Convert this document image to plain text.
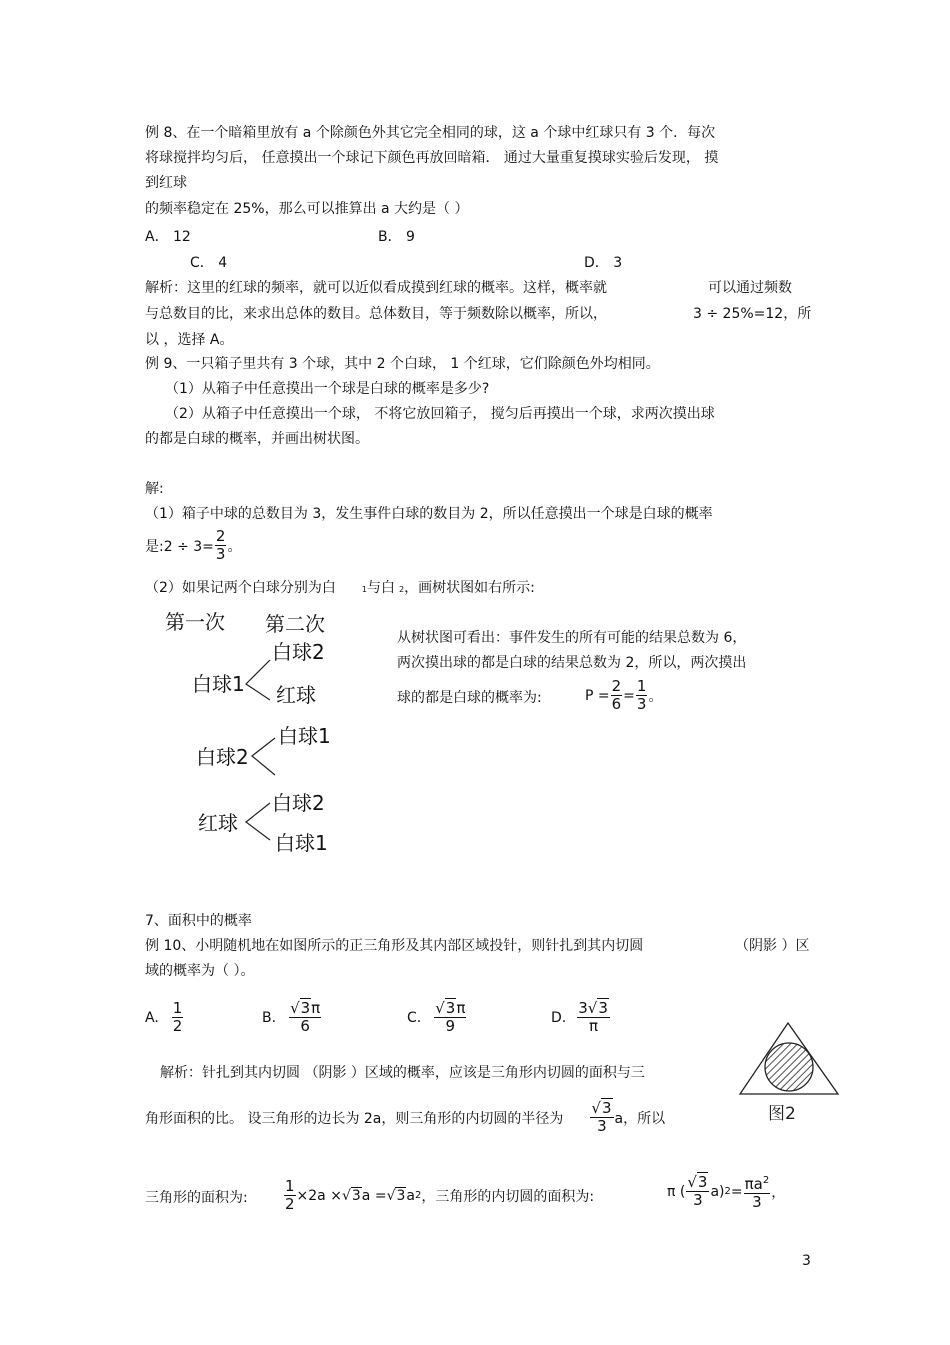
例 8、在一个暗箱里放有 a 个除颜色外其它完全相同的球，这 a 个球中红球只有 3 个．每次
将球搅拌均匀后， 任意摸出一个球记下颜色再放回暗箱． 通过大量重复摸球实验后发现， 摸
到红球
的频率稳定在 25%，那么可以推算出 a 大约是（ ）
A． 12	B． 9
C． 4	D． 3
解析：这里的红球的频率，就可以近似看成摸到红球的概率。这样，概率就	可以通过频数
与总数目的比，来求出总体的数目。总体数目，等于频数除以概率，所以，	3 ÷ 25%=12，所
以 ，选择 A。
例 9、一只箱子里共有 3 个球，其中 2 个白球， 1 个红球，它们除颜色外均相同。
（1）从箱子中任意摸出一个球是白球的概率是多少?
（2）从箱子中任意摸出一个球， 不将它放回箱子， 搅匀后再摸出一个球，求两次摸出球
的都是白球的概率，并画出树状图。
解:
（1）箱子中球的总数目为 3，发生事件白球的数目为 2，所以任意摸出一个球是白球的概率
是:2 ÷ $3= \frac{2}{3}$ 。
（2）如果记两个白球分别为白	1与白 2，画树状图如右所示:
第一次 第二次
白球2
白球1 红球
白球1
白球2
白球2
红球
白球1
从树状图可看出：事件发生的所有可能的结果总数为 6，
两次摸出球的都是白球的结果总数为 2，所以，两次摸出
球的都是白球的概率为:	$P = \frac{2}{6} = \frac{1}{3}$ 。
7、面积中的概率
例 10、小明随机地在如图所示的正三角形及其内部区域投针，则针扎到其内切圆	（阴影 ）区
域的概率为（ ）。
A. $\frac{1}{2}$	B. $\frac{√3\pi}{6}$	C. $\frac{√3\pi}{9}$	D. $\frac{3√3}{\pi}$
解析：针扎到其内切圆 （阴影 ）区域的概率，应该是三角形内切圆的面积与三
角形面积的比。 设三角形的边长为 2a，则三角形的内切圆的半径为 $\frac{√3}{3}$ a，所以
三角形的面积为: $\frac{1}{2} \times 2a \times √3$ a = √3 a 2 ，三角形的内切圆的面积为:	π ( $\frac{√3}{3} a$) $2 = \frac{\pi a^2}{3}$ ，
图2
3
